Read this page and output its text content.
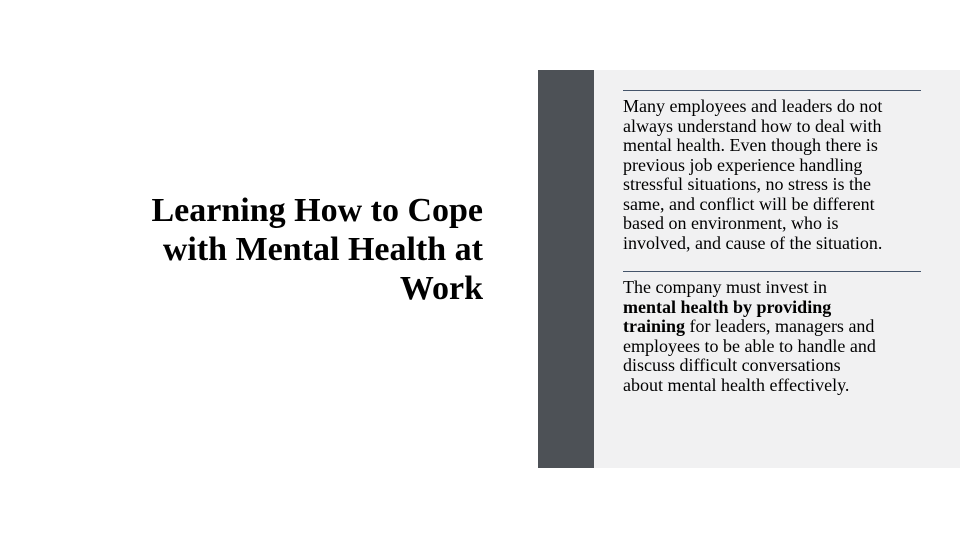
Learning How to Cope
with Mental Health at
Work
Many employees and leaders do not
always understand how to deal with
mental health. Even though there is
previous job experience handling
stressful situations, no stress is the
same, and conflict will be different
based on environment, who is
involved, and cause of the situation.
The company must invest in
mental health by providing
training for leaders, managers and
employees to be able to handle and
discuss difficult conversations
about mental health effectively.
